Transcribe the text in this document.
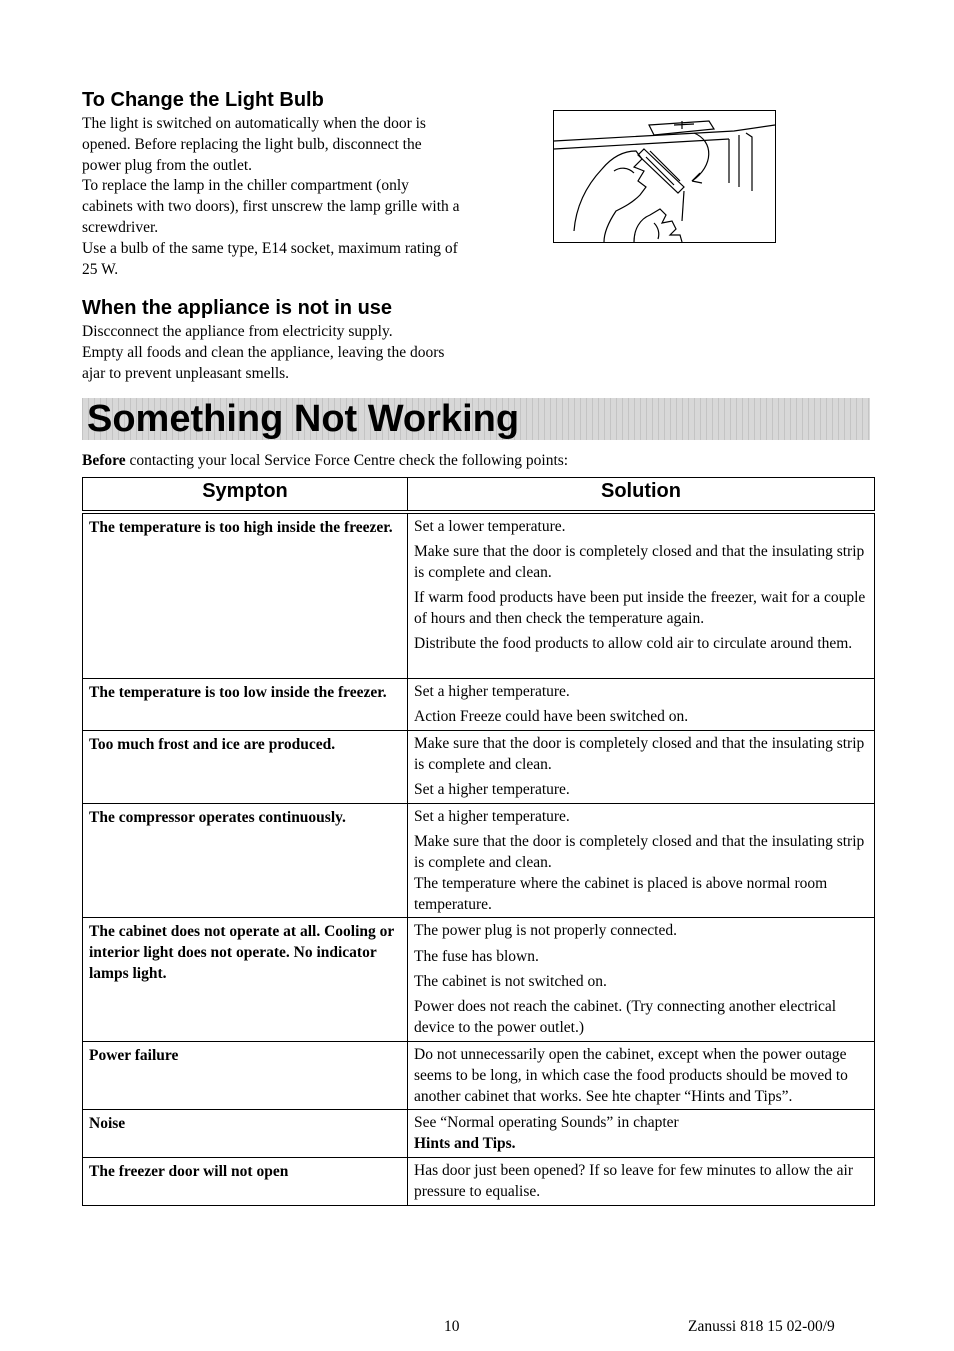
To Change the Light Bulb

The light is switched on automatically when the door is opened. Before replacing the light bulb, disconnect the power plug from the outlet.

To replace the lamp in the chiller compartment (only cabinets with two doors), first unscrew the lamp grille with a screwdriver.

Use a bulb of the same type, E14 socket, maximum rating of 25 W.

When the appliance is not in use

Discconnect the appliance from electricity supply.

Empty all foods and clean the appliance, leaving the doors ajar to prevent unpleasant smells.

Something Not Working
Before contacting your local Service Force Centre check the following points:
Sympton	Solution
The temperature is too high inside the freezer.	Set a lower temperature.
Make sure that the door is completely closed and that the insulating strip is complete and clean.
If warm food products have been put inside the freezer, wait for a couple of hours and then check the temperature again.
Distribute the food products to allow cold air to circulate around them.

The temperature is too low inside the freezer.	Set a higher temperature.
Action Freeze could have been switched on.

Too much frost and ice are produced.	Make sure that the door is completely closed and that the insulating strip is complete and clean.
Set a higher temperature.

The compressor operates continuously.	Set a higher temperature.
Make sure that the door is completely closed and that the insulating strip is complete and clean.
The temperature where the cabinet is placed is above normal room temperature.

The cabinet does not operate at all. Cooling or interior light does not operate. No indicator lamps light.	The power plug is not properly connected.
The fuse has blown.
The cabinet is not switched on.
Power does not reach the cabinet. (Try connecting another electrical device to the power outlet.)

Power failure	Do not unnecessarily open the cabinet, except when the power outage seems to be long, in which case the food products should be moved to another cabinet that works. See hte chapter “Hints and Tips”.

Noise	See “Normal operating Sounds” in chapter
Hints and Tips.

The freezer door will not open	Has door just been opened? If so leave for few minutes to allow the air pressure to equalise.
10	Zanussi 818 15 02-00/9
